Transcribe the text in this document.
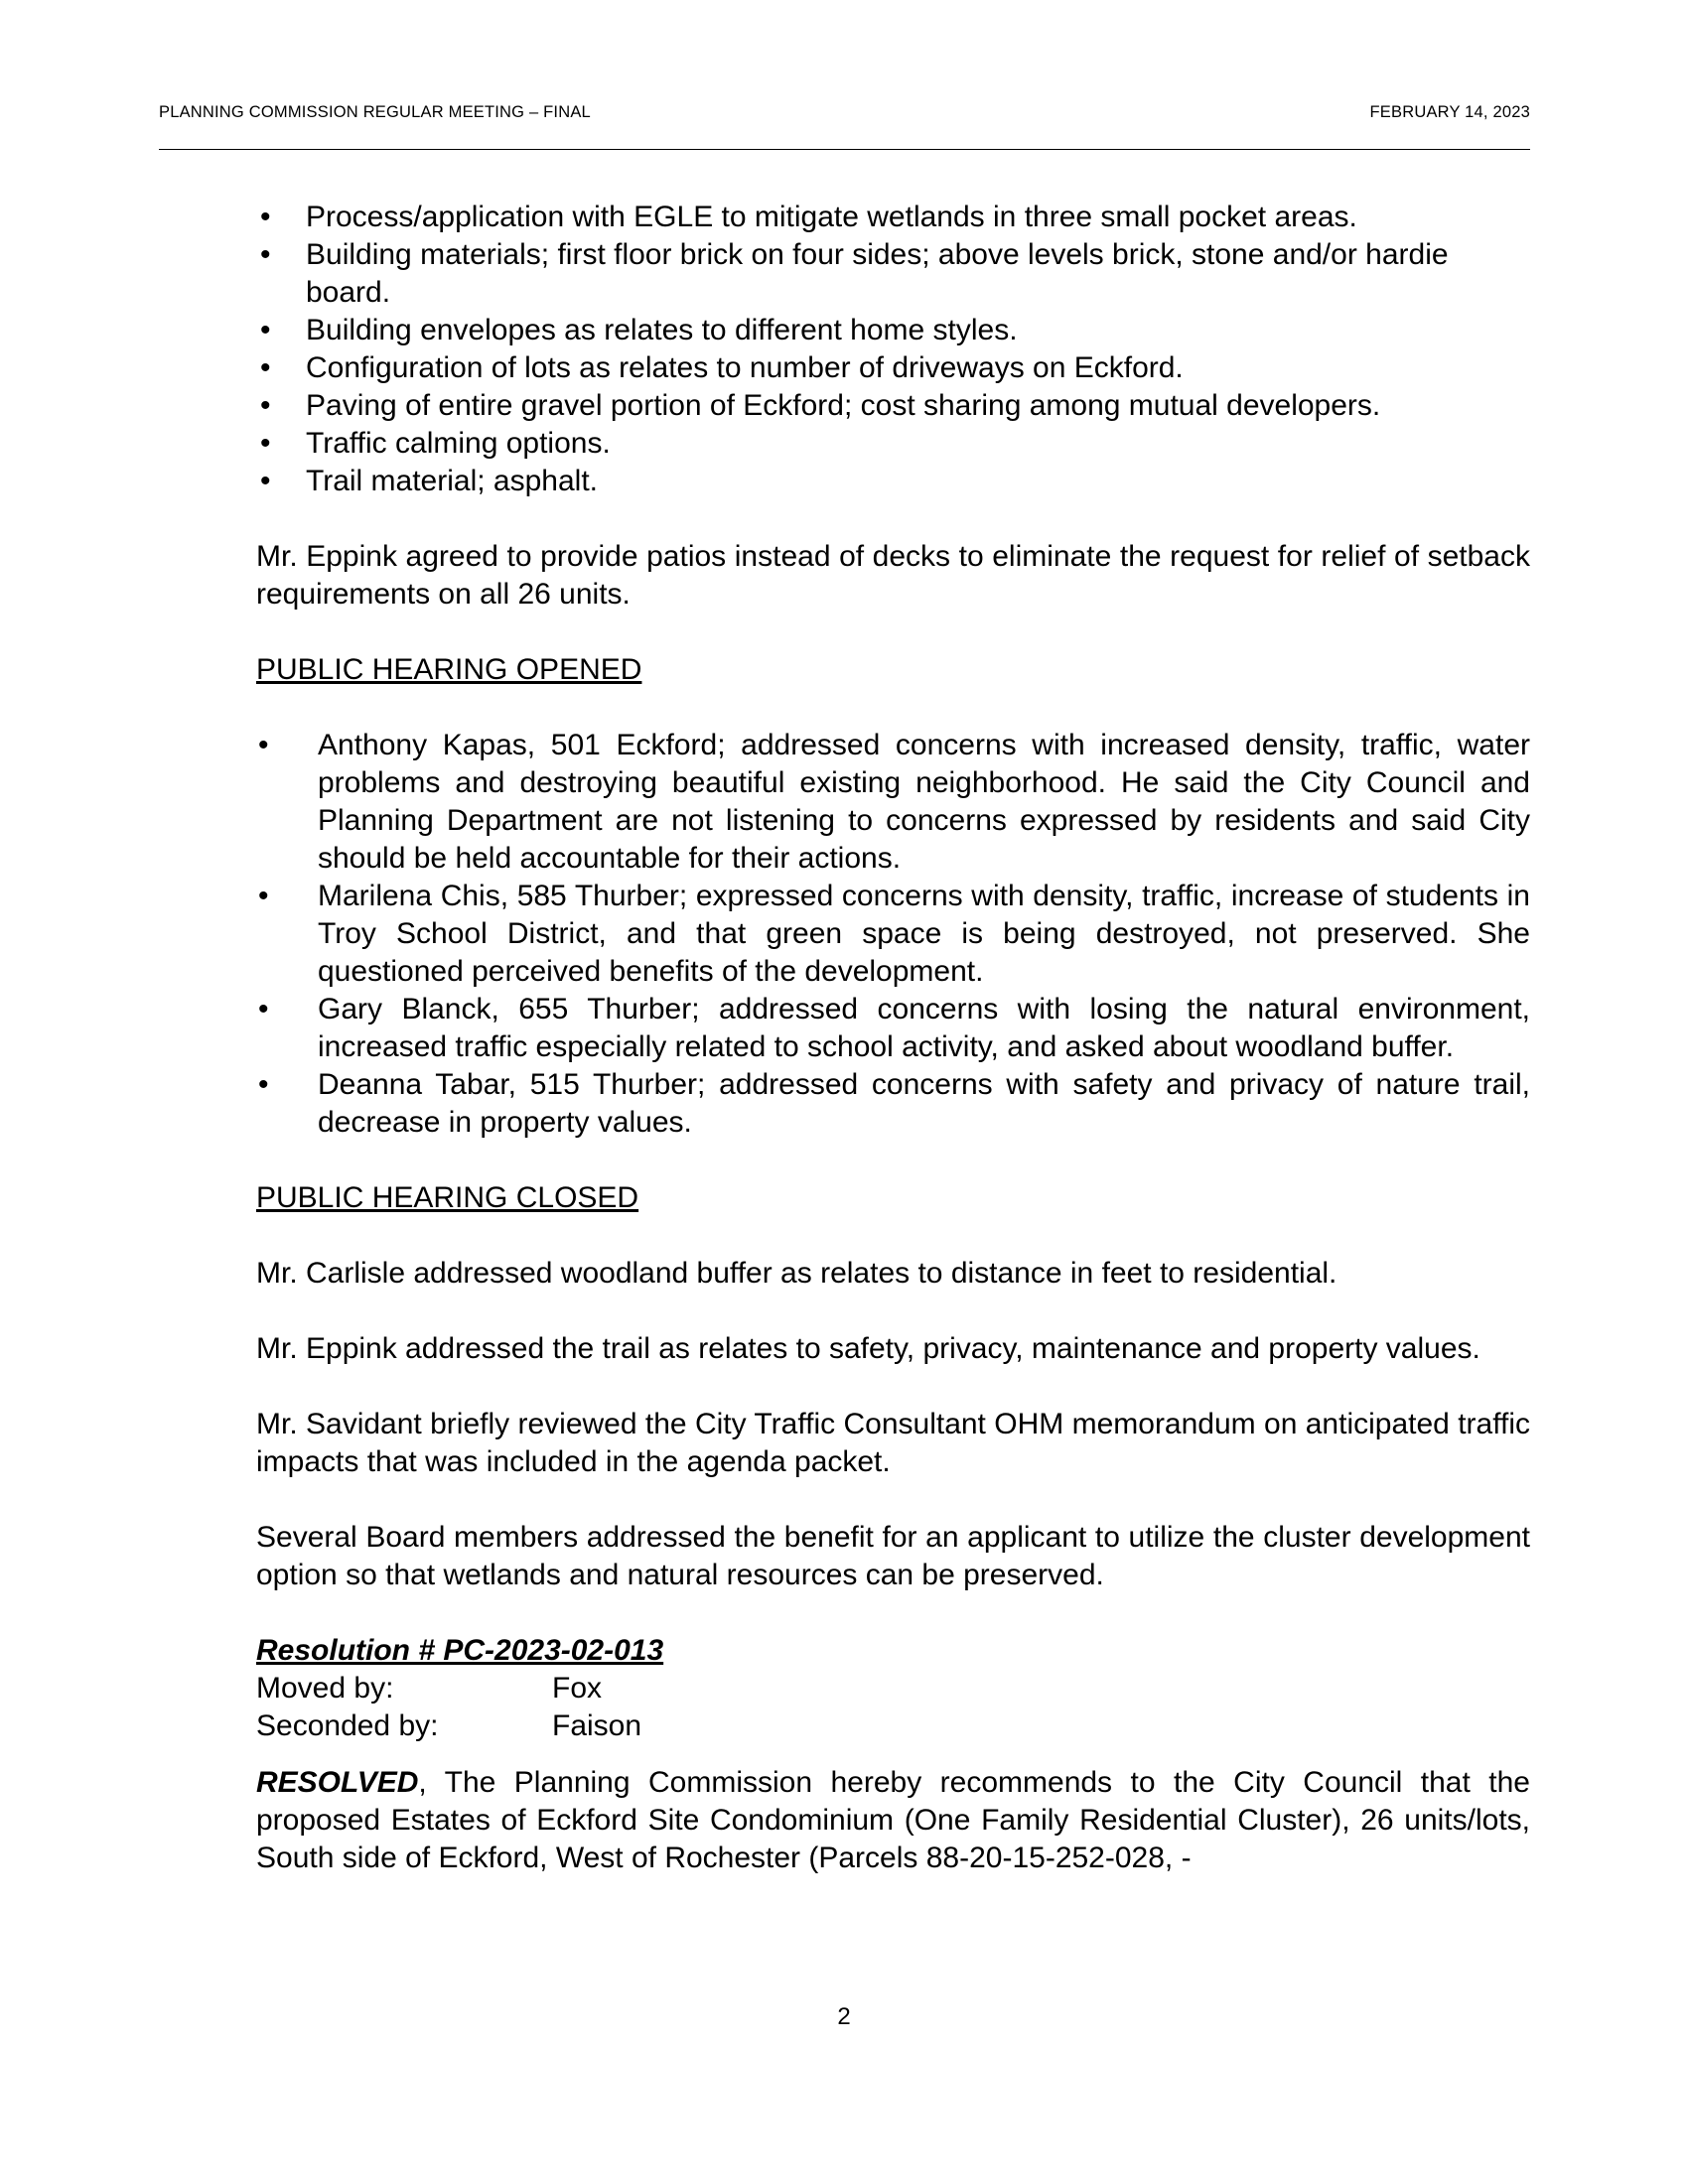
PLANNING COMMISSION REGULAR MEETING – FINAL	FEBRUARY 14, 2023
• Process/application with EGLE to mitigate wetlands in three small pocket areas.
• Building materials; first floor brick on four sides; above levels brick, stone and/or hardie board.
• Building envelopes as relates to different home styles.
• Configuration of lots as relates to number of driveways on Eckford.
• Paving of entire gravel portion of Eckford; cost sharing among mutual developers.
• Traffic calming options.
• Trail material; asphalt.

Mr. Eppink agreed to provide patios instead of decks to eliminate the request for relief of setback requirements on all 26 units.

PUBLIC HEARING OPENED

• Anthony Kapas, 501 Eckford; addressed concerns with increased density, traffic, water problems and destroying beautiful existing neighborhood. He said the City Council and Planning Department are not listening to concerns expressed by residents and said City should be held accountable for their actions.
• Marilena Chis, 585 Thurber; expressed concerns with density, traffic, increase of students in Troy School District, and that green space is being destroyed, not preserved. She questioned perceived benefits of the development.
• Gary Blanck, 655 Thurber; addressed concerns with losing the natural environment, increased traffic especially related to school activity, and asked about woodland buffer.
• Deanna Tabar, 515 Thurber; addressed concerns with safety and privacy of nature trail, decrease in property values.

PUBLIC HEARING CLOSED

Mr. Carlisle addressed woodland buffer as relates to distance in feet to residential.

Mr. Eppink addressed the trail as relates to safety, privacy, maintenance and property values.

Mr. Savidant briefly reviewed the City Traffic Consultant OHM memorandum on anticipated traffic impacts that was included in the agenda packet.

Several Board members addressed the benefit for an applicant to utilize the cluster development option so that wetlands and natural resources can be preserved.

Resolution # PC-2023-02-013

Moved by:	Fox
Seconded by:	Faison

RESOLVED, The Planning Commission hereby recommends to the City Council that the proposed Estates of Eckford Site Condominium (One Family Residential Cluster), 26 units/lots, South side of Eckford, West of Rochester (Parcels 88-20-15-252-028, -

2
